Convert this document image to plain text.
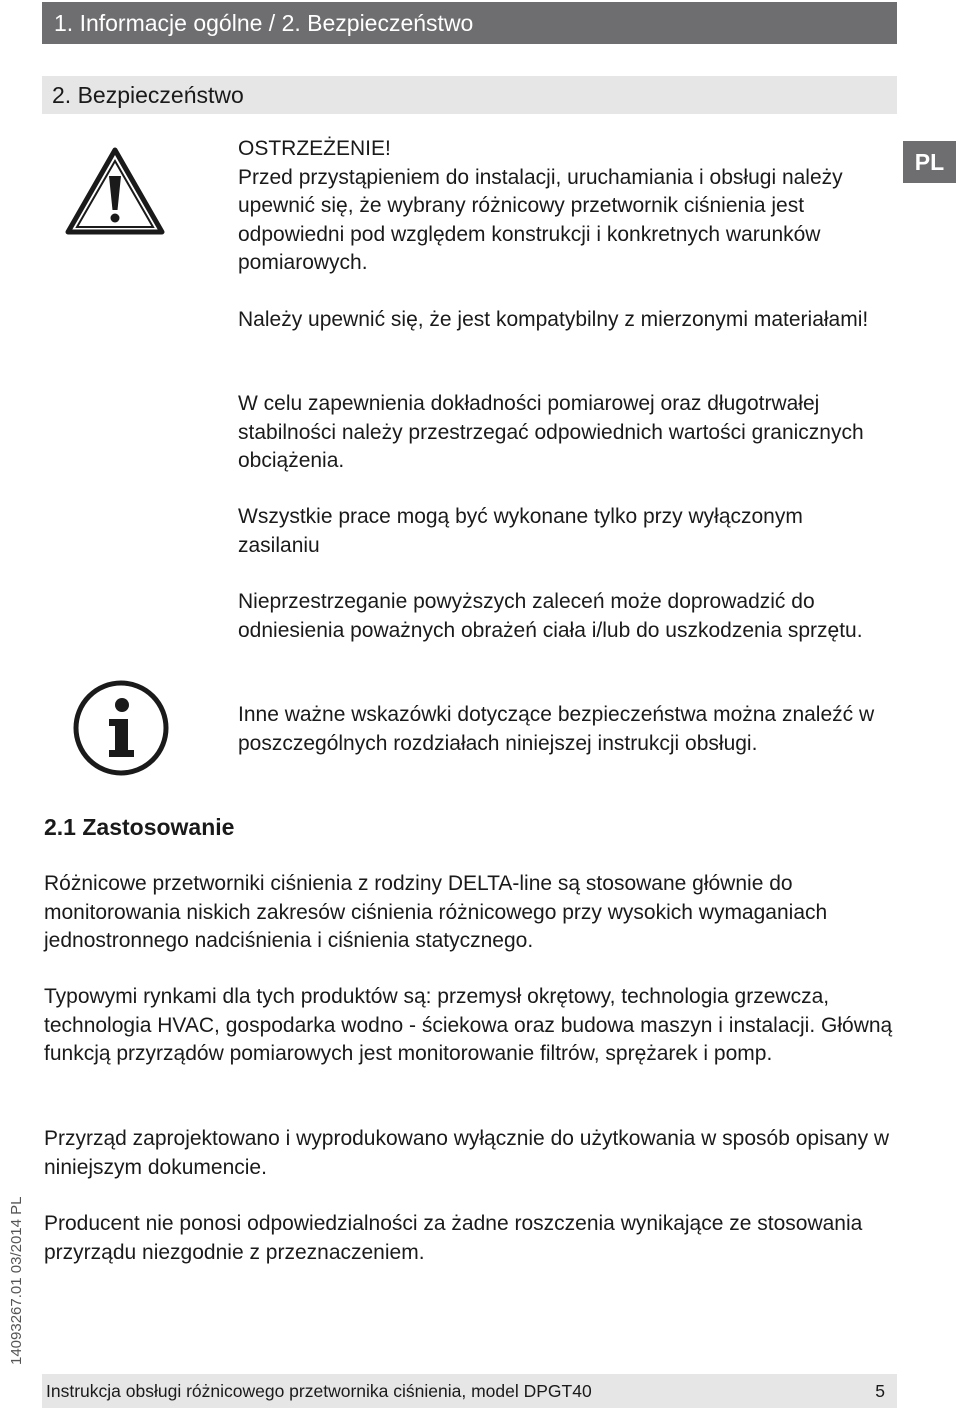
1. Informacje ogólne / 2. Bezpieczeństwo
2. Bezpieczeństwo
PL

OSTRZEŻENIE!
Przed przystąpieniem do instalacji, uruchamiania i obsługi należy upewnić się, że wybrany różnicowy przetwornik ciśnienia jest odpowiedni pod względem konstrukcji i konkretnych warunków pomiarowych.

Należy upewnić się, że jest kompatybilny z mierzonymi materiałami!

W celu zapewnienia dokładności pomiarowej oraz długotrwałej stabilności należy przestrzegać odpowiednich wartości granicznych obciążenia.

Wszystkie prace mogą być wykonane tylko przy wyłączonym zasilaniu

Nieprzestrzeganie powyższych zaleceń może doprowadzić do odniesienia poważnych obrażeń ciała i/lub do uszkodzenia sprzętu.

Inne ważne wskazówki dotyczące bezpieczeństwa można znaleźć w poszczególnych rozdziałach niniejszej instrukcji obsługi.

2.1 Zastosowanie

Różnicowe przetworniki ciśnienia z rodziny DELTA-line są stosowane głównie do monitorowania niskich zakresów ciśnienia różnicowego przy wysokich wymaganiach jednostronnego nadciśnienia i ciśnienia statycznego.

Typowymi rynkami dla tych produktów są: przemysł okrętowy, technologia grzewcza, technologia HVAC, gospodarka wodno - ściekowa oraz budowa maszyn i instalacji. Główną funkcją przyrządów pomiarowych jest monitorowanie filtrów, sprężarek i pomp.

Przyrząd zaprojektowano i wyprodukowano wyłącznie do użytkowania w sposób opisany w niniejszym dokumencie.

Producent nie ponosi odpowiedzialności za żadne roszczenia wynikające ze stosowania przyrządu niezgodnie z przeznaczeniem.

14093267.01 03/2014 PL
Instrukcja obsługi różnicowego przetwornika ciśnienia, model DPGT40	5
